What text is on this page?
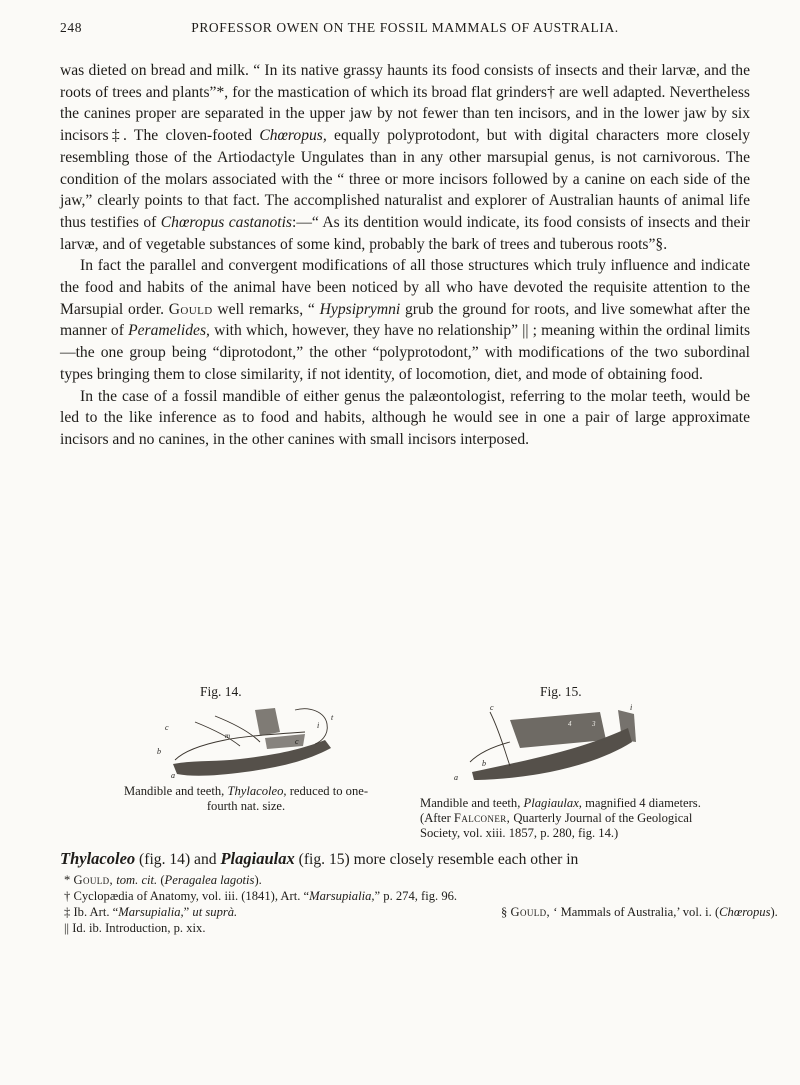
248	PROFESSOR OWEN ON THE FOSSIL MAMMALS OF AUSTRALIA.

was dieted on bread and milk. “ In its native grassy haunts its food consists of insects and their larvæ, and the roots of trees and plants”*, for the mastication of which its broad flat grinders† are well adapted. Nevertheless the canines proper are separated in the upper jaw by not fewer than ten incisors, and in the lower jaw by six incisors‡. The cloven-footed Chœropus, equally polyprotodont, but with digital characters more closely resembling those of the Artiodactyle Ungulates than in any other marsupial genus, is not carnivorous. The condition of the molars associated with the “ three or more incisors followed by a canine on each side of the jaw,” clearly points to that fact. The accomplished naturalist and explorer of Australian haunts of animal life thus testifies of Chœropus castanotis:—“ As its dentition would indicate, its food consists of insects and their larvæ, and of vegetable substances of some kind, probably the bark of trees and tuberous roots”§.

In fact the parallel and convergent modifications of all those structures which truly influence and indicate the food and habits of the animal have been noticed by all who have devoted the requisite attention to the Marsupial order. Gould well remarks, “ Hypsiprymni grub the ground for roots, and live somewhat after the manner of Peramelides, with which, however, they have no relationship” || ; meaning within the ordinal limits—the one group being “diprotodont,” the other “polyprotodont,” with modifications of the two subordinal types bringing them to close similarity, if not identity, of locomotion, diet, and mode of obtaining food.

In the case of a fossil mandible of either genus the palæontologist, referring to the molar teeth, would be led to the like inference as to food and habits, although he would see in one a pair of large approximate incisors and no canines, in the other canines with small incisors interposed.

Fig. 14.	Fig. 15.
c
b
m
a
i
c
t
c	i
b
a
4	3
Mandible and teeth, Thylacoleo, reduced to one-fourth nat. size.	Mandible and teeth, Plagiaulax, magnified 4 diameters. (After Falconer, Quarterly Journal of the Geological Society, vol. xiii. 1857, p. 280, fig. 14.)
Thylacoleo (fig. 14) and Plagiaulax (fig. 15) more closely resemble each other in
* Gould, tom. cit. (Peragalea lagotis).
† Cyclopædia of Anatomy, vol. iii. (1841), Art. “Marsupialia,” p. 274, fig. 96.
‡ Ib. Art. “Marsupialia,” ut suprà.	§ Gould, ‘ Mammals of Australia,’ vol. i. (Chœropus).
|| Id. ib. Introduction, p. xix.
